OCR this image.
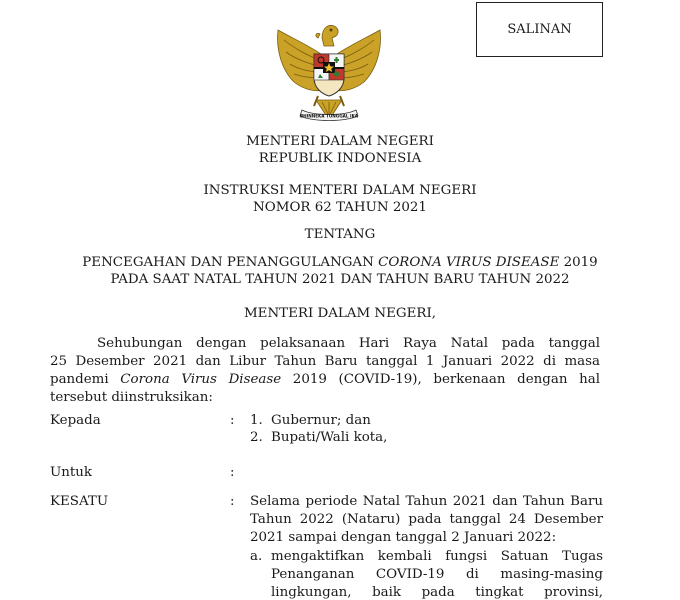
SALINAN
BHINNEKA TUNGGAL IKA
MENTERI DALAM NEGERI
REPUBLIK INDONESIA
INSTRUKSI MENTERI DALAM NEGERI
NOMOR 62 TAHUN 2021
TENTANG
PENCEGAHAN DAN PENANGGULANGAN CORONA VIRUS DISEASE 2019
PADA SAAT NATAL TAHUN 2021 DAN TAHUN BARU TAHUN 2022
MENTERI DALAM NEGERI,
Sehubungan dengan pelaksanaan Hari Raya Natal pada tanggal
25 Desember 2021 dan Libur Tahun Baru tanggal 1 Januari 2022 di masa
pandemi Corona Virus Disease 2019 (COVID-19), berkenaan dengan hal
tersebut diinstruksikan:
Kepada	: 1. Gubernur; dan
2. Bupati/Wali kota,
Untuk	:
KESATU	: Selama periode Natal Tahun 2021 dan Tahun Baru
Tahun 2022 (Nataru) pada tanggal 24 Desember
2021 sampai dengan tanggal 2 Januari 2022:
a. mengaktifkan kembali fungsi Satuan Tugas
Penanganan COVID-19 di masing-masing
lingkungan, baik pada tingkat provinsi,
